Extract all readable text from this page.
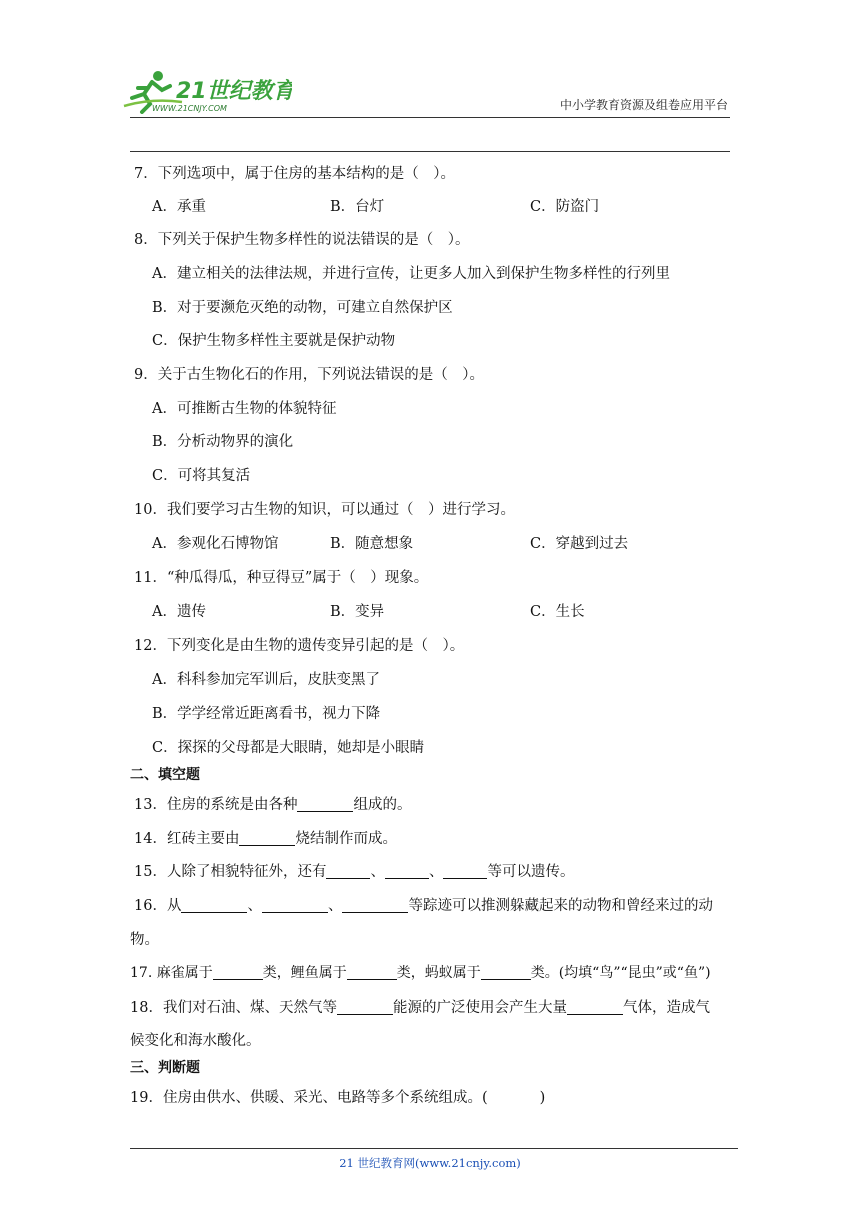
21世纪教育
WWW.21CNJY.COM	中小学教育资源及组卷应用平台
7．下列选项中，属于住房的基本结构的是（　）。
A．承重	B．台灯	C．防盗门
8．下列关于保护生物多样性的说法错误的是（　）。
A．建立相关的法律法规，并进行宣传，让更多人加入到保护生物多样性的行列里
B．对于要濒危灭绝的动物，可建立自然保护区
C．保护生物多样性主要就是保护动物
9．关于古生物化石的作用，下列说法错误的是（　）。
A．可推断古生物的体貌特征
B．分析动物界的演化
C．可将其复活
10．我们要学习古生物的知识，可以通过（　）进行学习。
A．参观化石博物馆	B．随意想象	C．穿越到过去
11．“种瓜得瓜，种豆得豆”属于（　）现象。
A．遗传	B．变异	C．生长
12．下列变化是由生物的遗传变异引起的是（　）。
A．科科参加完军训后，皮肤变黑了
B．学学经常近距离看书，视力下降
C．探探的父母都是大眼睛，她却是小眼睛
二、填空题
13．住房的系统是由各种	组成的。
14．红砖主要由	烧结制作而成。
15．人除了相貌特征外，还有	、	、	等可以遗传。
16．从	、	、	等踪迹可以推测躲藏起来的动物和曾经来过的动
物。
17. 麻雀属于	类，鲤鱼属于	类，蚂蚁属于	类。(均填“鸟”“昆虫”或“鱼”)
18．我们对石油、煤、天然气等	能源的广泛使用会产生大量	气体，造成气
候变化和海水酸化。
三、判断题
19．住房由供水、供暖、采光、电路等多个系统组成。(	)
21 世纪教育网(www.21cnjy.com)
